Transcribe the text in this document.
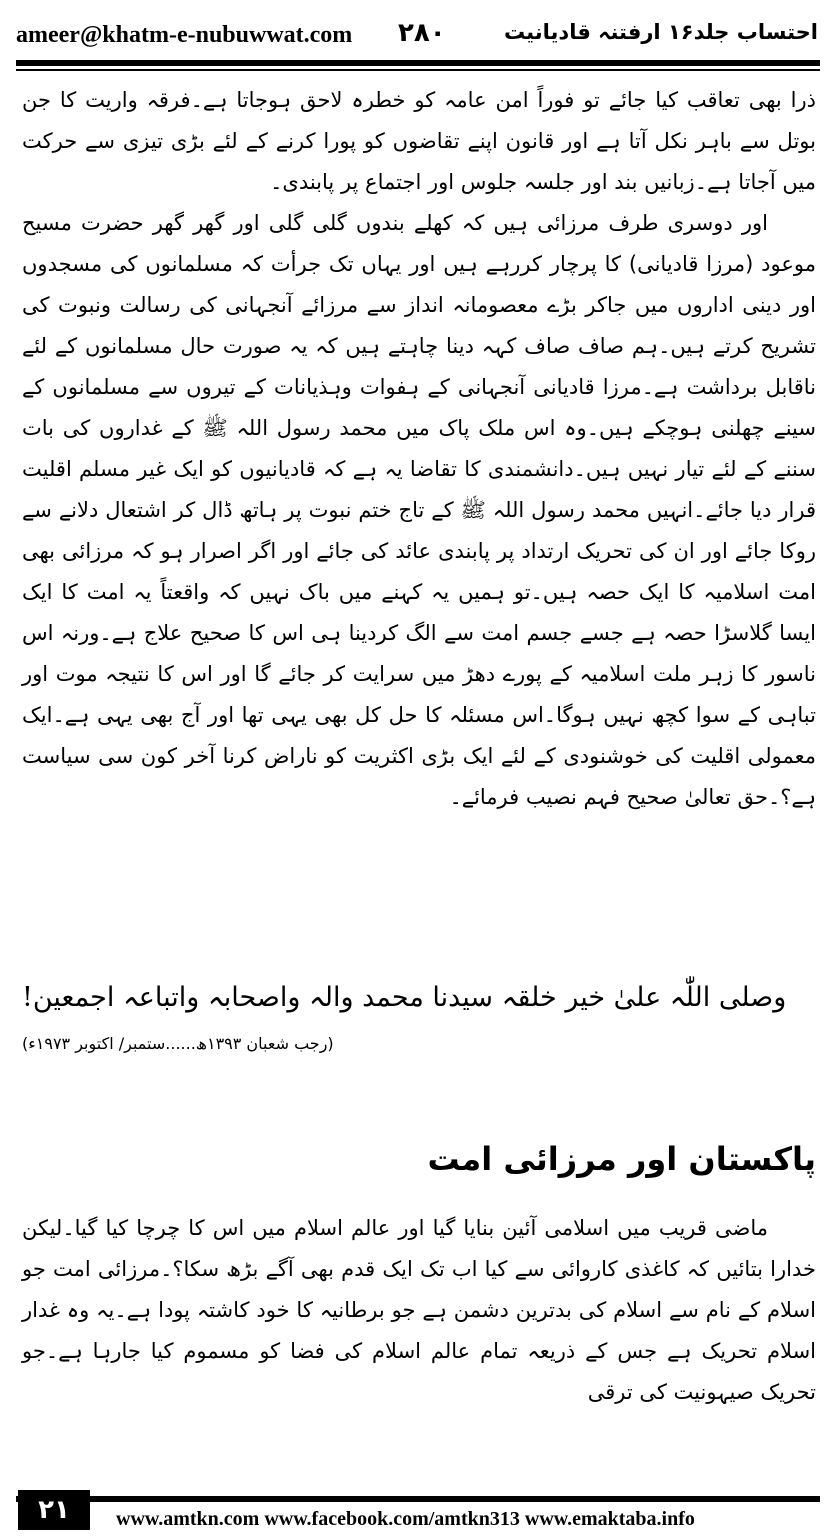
ameer@khatm-e-nubuwwat.com ۲۸۰	احتساب جلد۱۶ ارفتنہ قادیانیت

ذرا بھی تعاقب کیا جائے تو فوراً امن عامہ کو خطرہ لاحق ہوجاتا ہے۔فرقہ واریت کا جن بوتل سے باہر نکل آتا ہے اور قانون اپنے تقاضوں کو پورا کرنے کے لئے بڑی تیزی سے حرکت میں آجاتا ہے۔زبانیں بند اور جلسہ جلوس اور اجتماع پر پابندی۔

اور دوسری طرف مرزائی ہیں کہ کھلے بندوں گلی گلی اور گھر گھر حضرت مسیح موعود (مرزا قادیانی) کا پرچار کررہے ہیں اور یہاں تک جرأت کہ مسلمانوں کی مسجدوں اور دینی اداروں میں جاکر بڑے معصومانہ انداز سے مرزائے آنجہانی کی رسالت ونبوت کی تشریح کرتے ہیں۔ہم صاف صاف کہہ دینا چاہتے ہیں کہ یہ صورت حال مسلمانوں کے لئے ناقابل برداشت ہے۔مرزا قادیانی آنجہانی کے ہفوات وہذیانات کے تیروں سے مسلمانوں کے سینے چھلنی ہوچکے ہیں۔وہ اس ملک پاک میں محمد رسول اللہ ﷺ کے غداروں کی بات سننے کے لئے تیار نہیں ہیں۔دانشمندی کا تقاضا یہ ہے کہ قادیانیوں کو ایک غیر مسلم اقلیت قرار دیا جائے۔انہیں محمد رسول اللہ ﷺ کے تاج ختم نبوت پر ہاتھ ڈال کر اشتعال دلانے سے روکا جائے اور ان کی تحریک ارتداد پر پابندی عائد کی جائے اور اگر اصرار ہو کہ مرزائی بھی امت اسلامیہ کا ایک حصہ ہیں۔تو ہمیں یہ کہنے میں باک نہیں کہ واقعتاً یہ امت کا ایک ایسا گلاسڑا حصہ ہے جسے جسم امت سے الگ کردینا ہی اس کا صحیح علاج ہے۔ورنہ اس ناسور کا زہر ملت اسلامیہ کے پورے دھڑ میں سرایت کر جائے گا اور اس کا نتیجہ موت اور تباہی کے سوا کچھ نہیں ہوگا۔اس مسئلہ کا حل کل بھی یہی تھا اور آج بھی یہی ہے۔ایک معمولی اقلیت کی خوشنودی کے لئے ایک بڑی اکثریت کو ناراض کرنا آخر کون سی سیاست ہے؟۔حق تعالیٰ صحیح فہم نصیب فرمائے۔

وصلی اللّٰہ علیٰ خیر خلقہ سیدنا محمد والہ واصحابہ واتباعہ اجمعین!
(رجب شعبان ۱۳۹۳ھ......ستمبر/ اکتوبر ۱۹۷۳ء)
پاکستان اور مرزائی امت

ماضی قریب میں اسلامی آئین بنایا گیا اور عالم اسلام میں اس کا چرچا کیا گیا۔لیکن خدارا بتائیں کہ کاغذی کاروائی سے کیا اب تک ایک قدم بھی آگے بڑھ سکا؟۔مرزائی امت جو اسلام کے نام سے اسلام کی بدترین دشمن ہے جو برطانیہ کا خود کاشتہ پودا ہے۔یہ وہ غدار اسلام تحریک ہے جس کے ذریعہ تمام عالم اسلام کی فضا کو مسموم کیا جارہا ہے۔جو تحریک صیہونیت کی ترقی

۲۱	www.amtkn.com www.facebook.com/amtkn313 www.emaktaba.info
